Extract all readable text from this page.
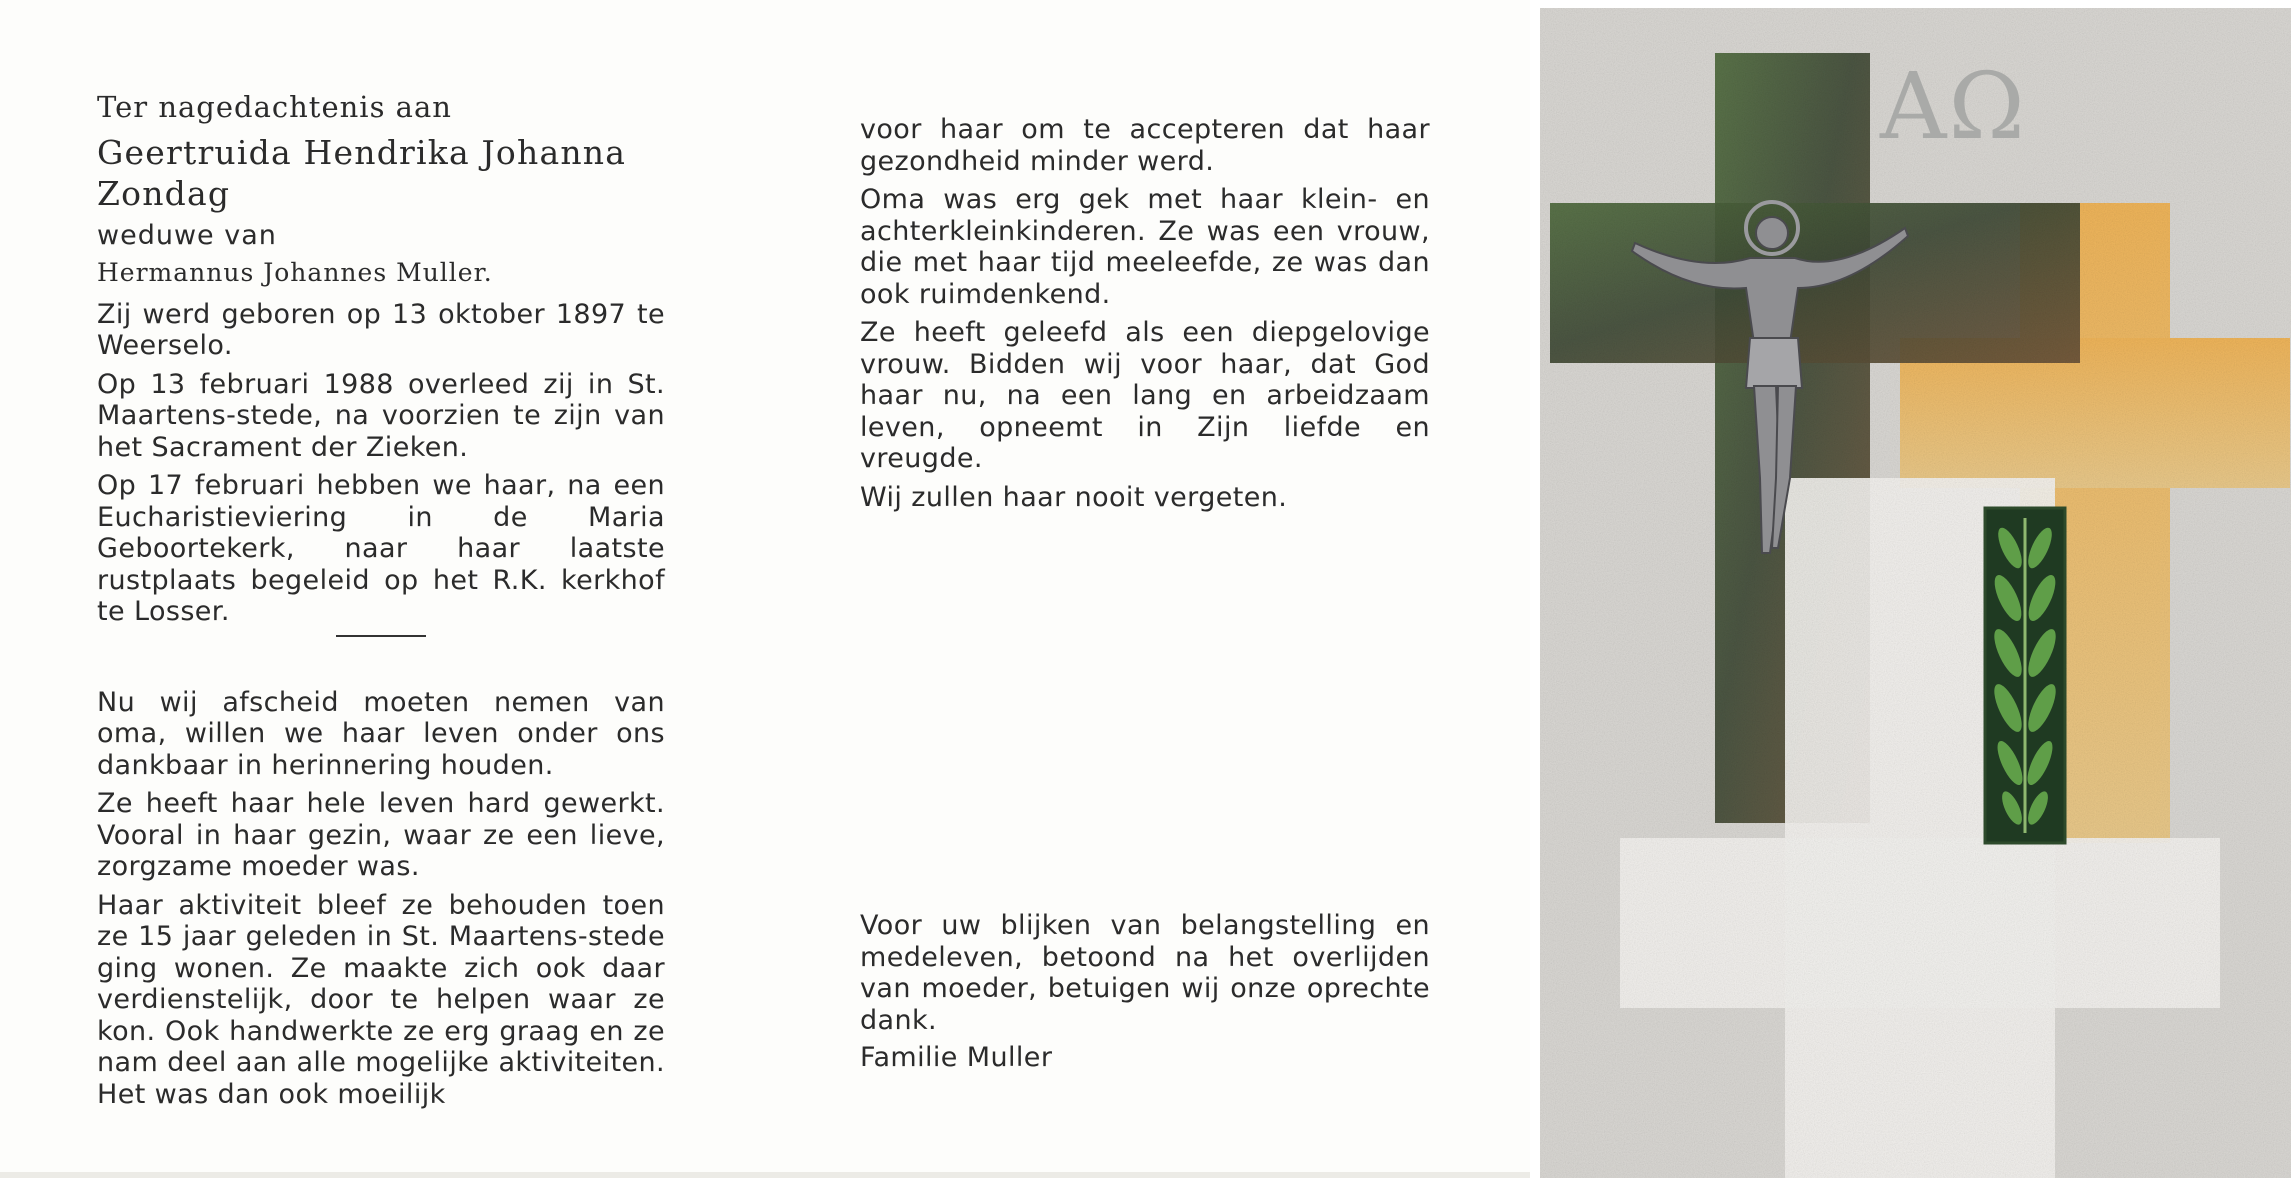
Ter nagedachtenis aan

Geertruida Hendrika Johanna

Zondag

weduwe van

Hermannus Johannes Muller.

Zij werd geboren op 13 oktober 1897 te Weerselo.

Op 13 februari 1988 overleed zij in St. Maartens-stede, na voorzien te zijn van het Sacrament der Zieken.

Op 17 februari hebben we haar, na een Eucharistieviering in de Maria Geboortekerk, naar haar laatste rustplaats begeleid op het R.K. kerkhof te Losser.

Nu wij afscheid moeten nemen van oma, willen we haar leven onder ons dankbaar in herinnering houden.

Ze heeft haar hele leven hard gewerkt. Vooral in haar gezin, waar ze een lieve, zorgzame moeder was.

Haar aktiviteit bleef ze behouden toen ze 15 jaar geleden in St. Maartens-stede ging wonen. Ze maakte zich ook daar verdienstelijk, door te helpen waar ze kon. Ook handwerkte ze erg graag en ze nam deel aan alle mogelijke aktiviteiten. Het was dan ook moeilijk

voor haar om te accepteren dat haar gezondheid minder werd.

Oma was erg gek met haar klein- en achterkleinkinderen. Ze was een vrouw, die met haar tijd meeleefde, ze was dan ook ruimdenkend.

Ze heeft geleefd als een diepgelovige vrouw. Bidden wij voor haar, dat God haar nu, na een lang en arbeidzaam leven, opneemt in Zijn liefde en vreugde.

Wij zullen haar nooit vergeten.

Voor uw blijken van belangstelling en medeleven, betoond na het overlijden van moeder, betuigen wij onze oprechte dank.

Familie Muller

AΩ
